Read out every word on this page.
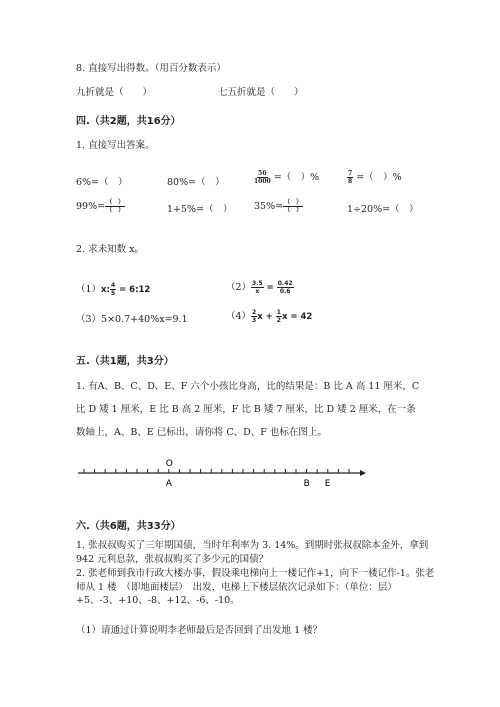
8. 直接写出得数。（用百分数表示）
九折就是（　　）	七五折就是（　　）
四.（共2题，共16分）
1. 直接写出答案。
6%=（　）	80%=（　）	$\frac{56}{1000}$ =（　）%	$\frac{7}{8}$ =（　）%
$99\%= \frac{( )}{( )}$	1+5%=（　） $35\%= \frac{( )}{( )}$	1÷20%=（　）
2. 求未知数 x。
（1）x: $\frac{4}{5}$ = 6:12	$(2) \frac{3.5}{x} = \frac{0.42}{0.6}$
（3）5×0.7+40%x=9.1	$(4) \frac{2}{3}$ $x + \frac{1}{2}$ x = 42
五.（共1题，共3分）
1. 有A、B、C、D、E、F 六个小孩比身高，比的结果是：B 比 A 高 11 厘米，C 比 D 矮 1 厘米，E 比 B 高 2 厘米，F 比 B 矮 7 厘米，比 D 矮 2 厘米，在一条数轴上，A、B、E 已标出，请你将 C、D、F 也标在图上。
O
A	B E
六.（共6题，共33分）
1. 张叔叔购买了三年期国债，当时年利率为 3. 14%。到期时张叔叔除本金外，拿到 942 元利息款，张叔叔购买了多少元的国债？
2. 张老师到我市行政大楼办事，假设乘电梯向上一楼记作+1，向下一楼记作-1。张老师从 1 楼　（即地面楼层）　出发，电梯上下楼层依次记录如下：（单位：层）+5、-3、+10、-8、+12、-6、-10。
（1）请通过计算说明李老师最后是否回到了出发地 1 楼？
